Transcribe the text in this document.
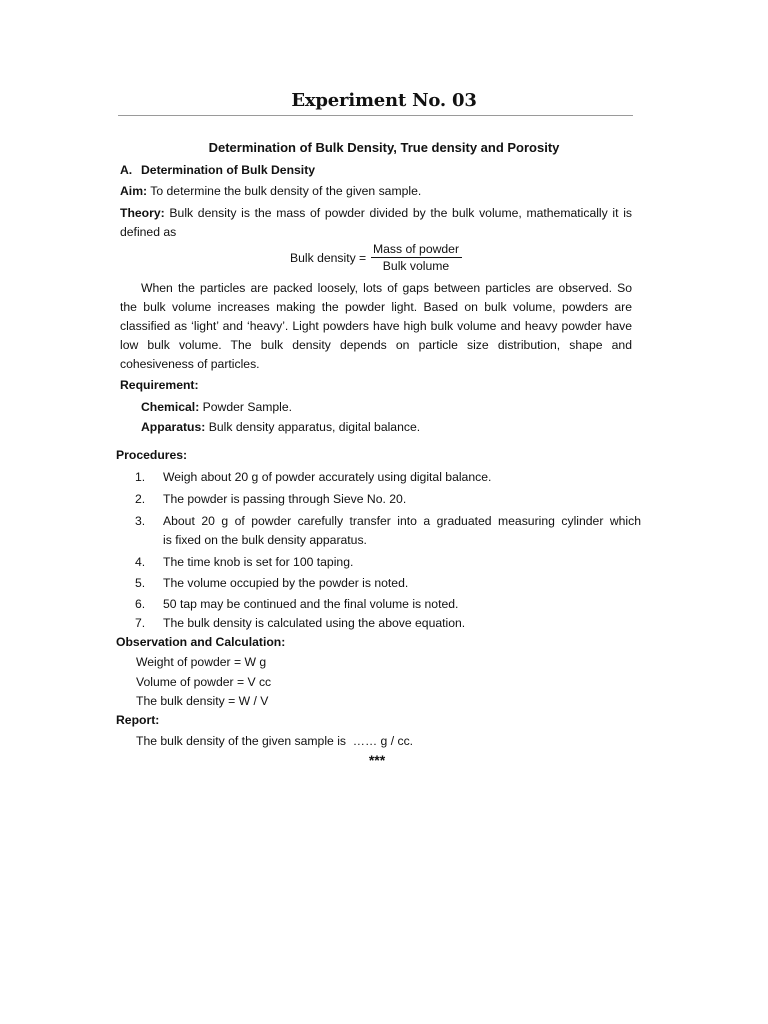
Experiment No. 03
Determination of Bulk Density, True density and Porosity
A. Determination of Bulk Density
Aim: To determine the bulk density of the given sample.
Theory: Bulk density is the mass of powder divided by the bulk volume, mathematically it is
defined as
Bulk density =
Mass of powder
Bulk volume
When the particles are packed loosely, lots of gaps between particles are observed. So
the bulk volume increases making the powder light. Based on bulk volume, powders are
classified as ‘light’ and ‘heavy’. Light powders have high bulk volume and heavy powder have
low bulk volume. The bulk density depends on particle size distribution, shape and
cohesiveness of particles.
Requirement:
Chemical: Powder Sample.
Apparatus: Bulk density apparatus, digital balance.
Procedures:
1. Weigh about 20 g of powder accurately using digital balance.
2. The powder is passing through Sieve No. 20.
3. About 20 g of powder carefully transfer into a graduated measuring cylinder which
is fixed on the bulk density apparatus.
4. The time knob is set for 100 taping.
5. The volume occupied by the powder is noted.
6. 50 tap may be continued and the final volume is noted.
7. The bulk density is calculated using the above equation.
Observation and Calculation:
Weight of powder = W g
Volume of powder = V cc
The bulk density = W / V
Report:
The bulk density of the given sample is  …… g / cc.
***
